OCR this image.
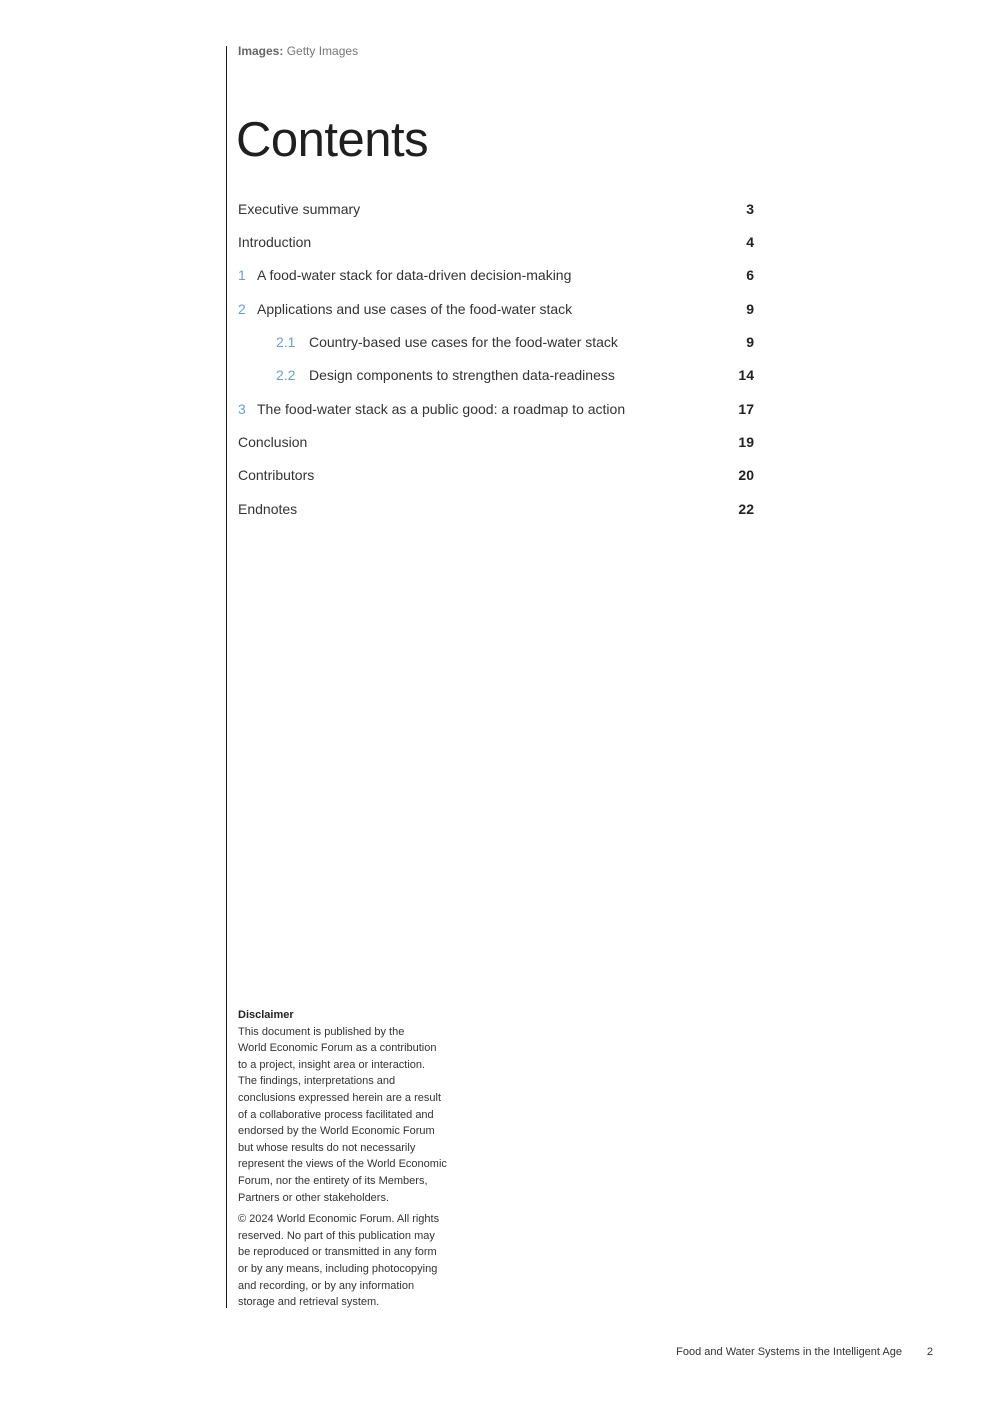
Images: Getty Images
Contents
Executive summary	3
Introduction	4
1 A food-water stack for data-driven decision-making	6
2 Applications and use cases of the food-water stack	9
2.1 Country-based use cases for the food-water stack	9
2.2 Design components to strengthen data-readiness	14
3 The food-water stack as a public good: a roadmap to action	17
Conclusion	19
Contributors	20
Endnotes	22

Disclaimer

This document is published by the

World Economic Forum as a contribution

to a project, insight area or interaction.

The findings, interpretations and

conclusions expressed herein are a result

of a collaborative process facilitated and

endorsed by the World Economic Forum

but whose results do not necessarily

represent the views of the World Economic

Forum, nor the entirety of its Members,

Partners or other stakeholders.

© 2024 World Economic Forum. All rights

reserved. No part of this publication may

be reproduced or transmitted in any form

or by any means, including photocopying

and recording, or by any information

storage and retrieval system.

Food and Water Systems in the Intelligent Age 2
